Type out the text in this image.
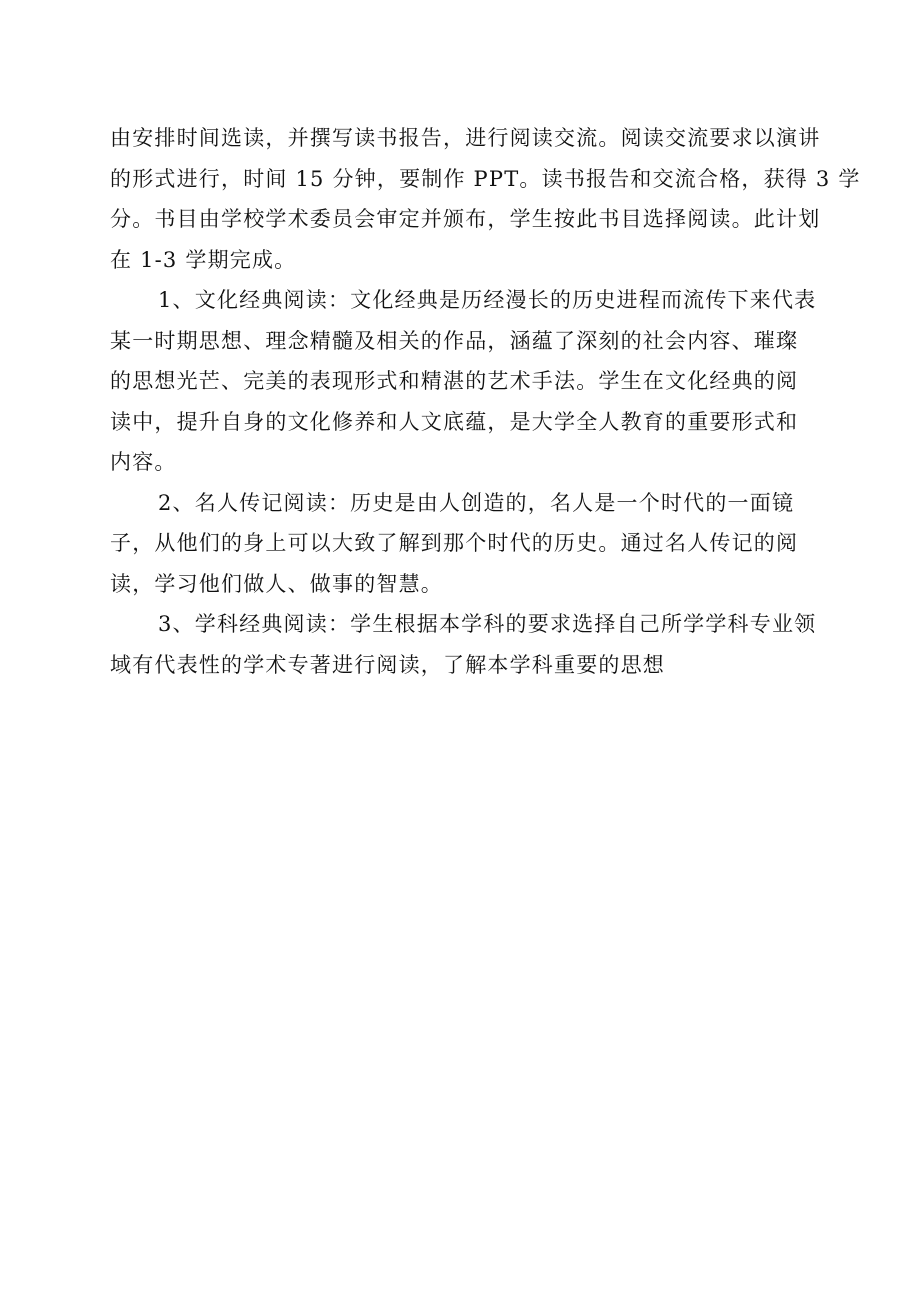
由安排时间选读，并撰写读书报告，进行阅读交流。阅读交流要求以演讲
的形式进行，时间 15 分钟，要制作 PPT。读书报告和交流合格，获得 3 学
分。书目由学校学术委员会审定并颁布，学生按此书目选择阅读。此计划
在 1-3 学期完成。
1、文化经典阅读：文化经典是历经漫长的历史进程而流传下来代表
某一时期思想、理念精髓及相关的作品，涵蕴了深刻的社会内容、璀璨
的思想光芒、完美的表现形式和精湛的艺术手法。学生在文化经典的阅
读中，提升自身的文化修养和人文底蕴，是大学全人教育的重要形式和
内容。
2、名人传记阅读：历史是由人创造的，名人是一个时代的一面镜
子，从他们的身上可以大致了解到那个时代的历史。通过名人传记的阅
读，学习他们做人、做事的智慧。
3、学科经典阅读：学生根据本学科的要求选择自己所学学科专业领
域有代表性的学术专著进行阅读，了解本学科重要的思想
